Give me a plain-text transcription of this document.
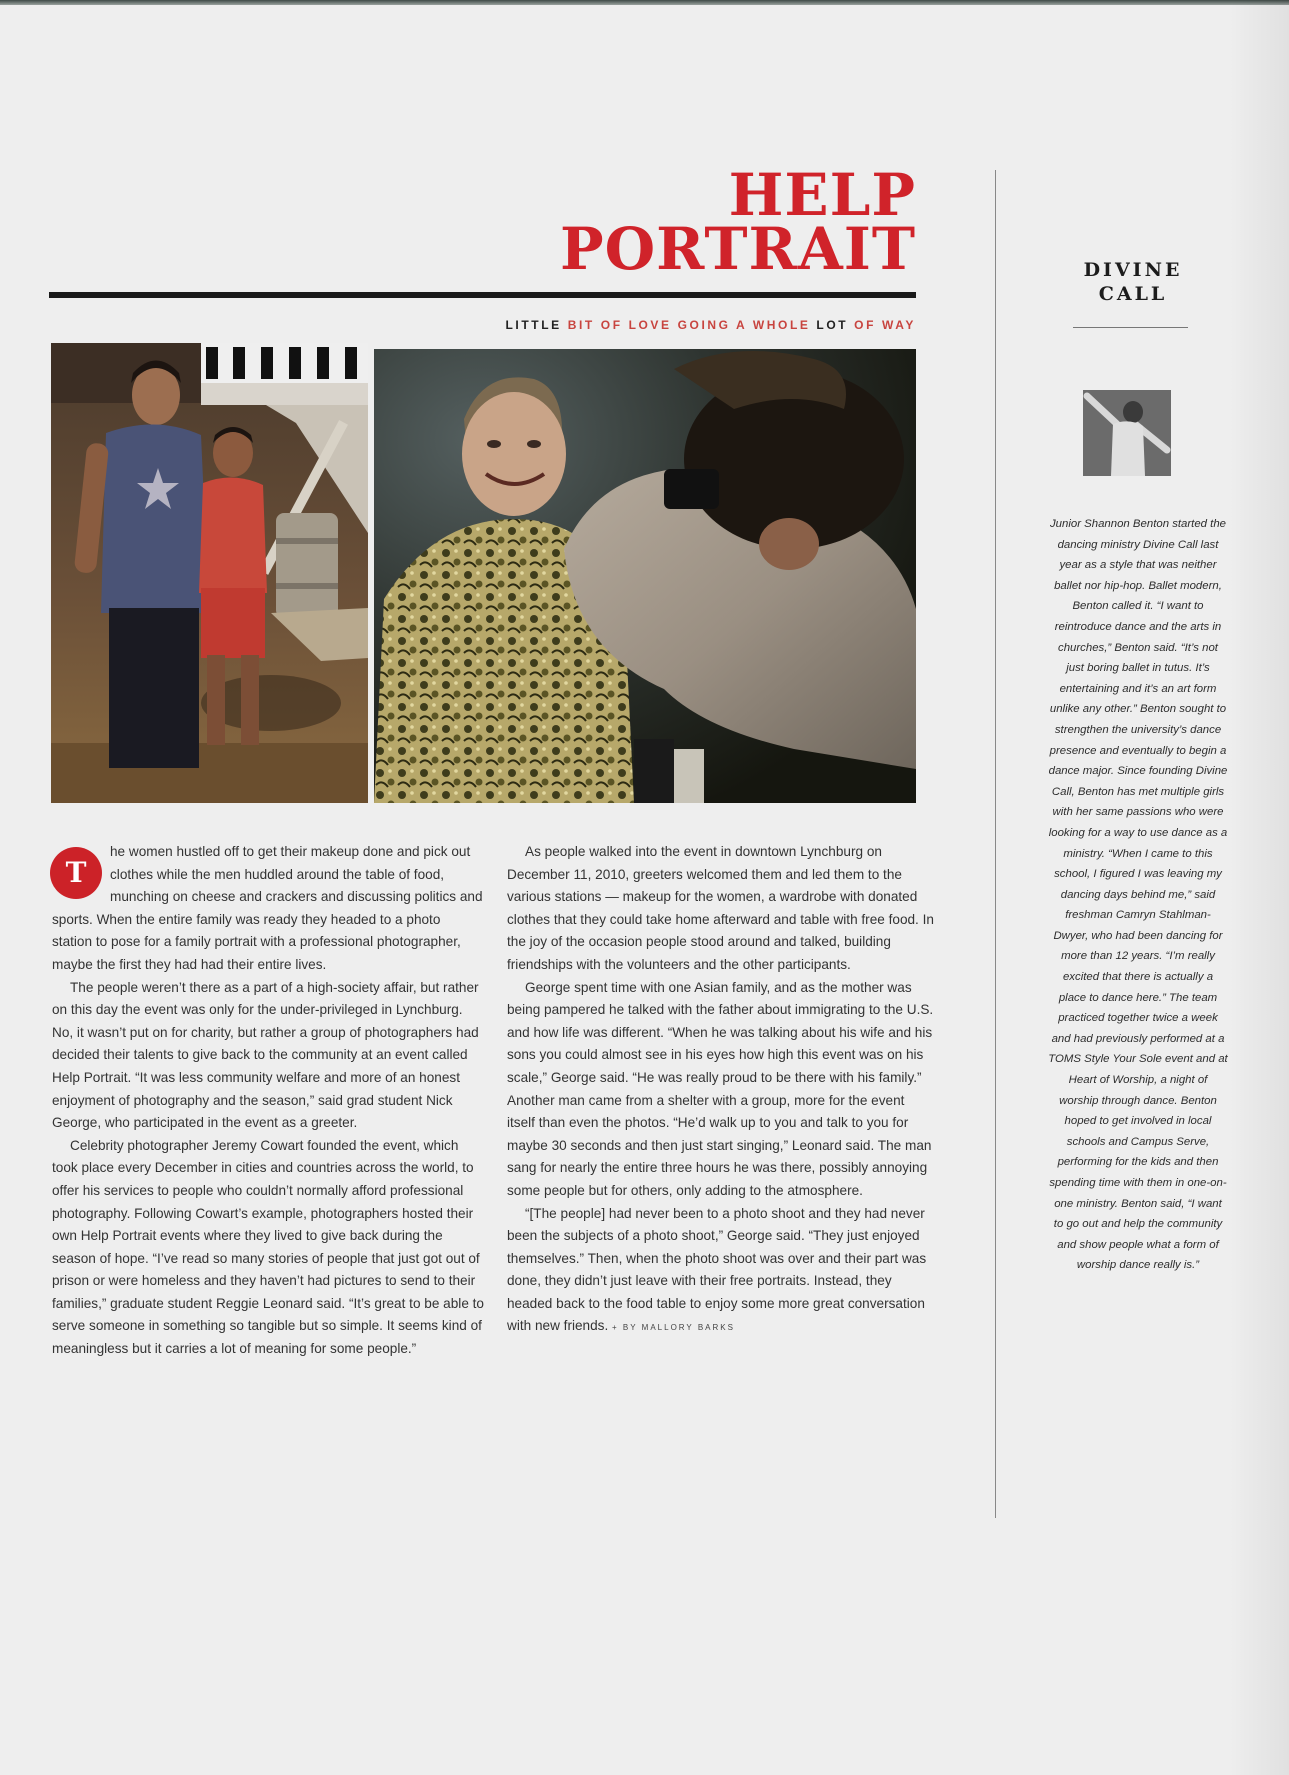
HELP
PORTRAIT
LITTLE BIT OF LOVE GOING A WHOLE LOT OF WAY
T

he women hustled off to get their makeup done and pick out clothes while the men huddled around the table of food, munching on cheese and crackers and discussing politics and sports. When the entire family was ready they headed to a photo station to pose for a family portrait with a professional photographer, maybe the first they had had their entire lives.

The people weren’t there as a part of a high-society affair, but rather on this day the event was only for the under-privileged in Lynchburg. No, it wasn’t put on for charity, but rather a group of photographers had decided their talents to give back to the community at an event called Help Portrait. “It was less community welfare and more of an honest enjoyment of photography and the season,” said grad student Nick George, who participated in the event as a greeter.

Celebrity photographer Jeremy Cowart founded the event, which took place every December in cities and countries across the world, to offer his services to people who couldn’t normally afford professional photography. Following Cowart’s example, photographers hosted their own Help Portrait events where they lived to give back during the season of hope. “I’ve read so many stories of people that just got out of prison or were homeless and they haven’t had pictures to send to their families,” graduate student Reggie Leonard said. “It’s great to be able to serve someone in something so tangible but so simple. It seems kind of meaningless but it carries a lot of meaning for some people.”

As people walked into the event in downtown Lynchburg on December 11, 2010, greeters welcomed them and led them to the various stations — makeup for the women, a wardrobe with donated clothes that they could take home afterward and table with free food. In the joy of the occasion people stood around and talked, building friendships with the volunteers and the other participants.

George spent time with one Asian family, and as the mother was being pampered he talked with the father about immigrating to the U.S. and how life was different. “When he was talking about his wife and his sons you could almost see in his eyes how high this event was on his scale,” George said. “He was really proud to be there with his family.” Another man came from a shelter with a group, more for the event itself than even the photos. “He’d walk up to you and talk to you for maybe 30 seconds and then just start singing,” Leonard said. The man sang for nearly the entire three hours he was there, possibly annoying some people but for others, only adding to the atmosphere.

“[The people] had never been to a photo shoot and they had never been the subjects of a photo shoot,” George said. “They just enjoyed themselves.” Then, when the photo shoot was over and their part was done, they didn’t just leave with their free portraits. Instead, they headed back to the food table to enjoy some more great conversation with new friends. + BY MALLORY BARKS

DIVINE
CALL
Junior Shannon Benton started the dancing ministry Divine Call last year as a style that was neither ballet nor hip-hop. Ballet modern, Benton called it. “I want to reintroduce dance and the arts in churches,” Benton said. “It’s not just boring ballet in tutus. It’s entertaining and it’s an art form unlike any other.” Benton sought to strengthen the university’s dance presence and eventually to begin a dance major. Since founding Divine Call, Benton has met multiple girls with her same passions who were looking for a way to use dance as a ministry. “When I came to this school, I figured I was leaving my dancing days behind me,” said freshman Camryn Stahlman-Dwyer, who had been dancing for more than 12 years. “I’m really excited that there is actually a place to dance here.” The team practiced together twice a week and had previously performed at a TOMS Style Your Sole event and at Heart of Worship, a night of worship through dance. Benton hoped to get involved in local schools and Campus Serve, performing for the kids and then spending time with them in one-on-one ministry. Benton said, “I want to go out and help the community and show people what a form of worship dance really is.”
